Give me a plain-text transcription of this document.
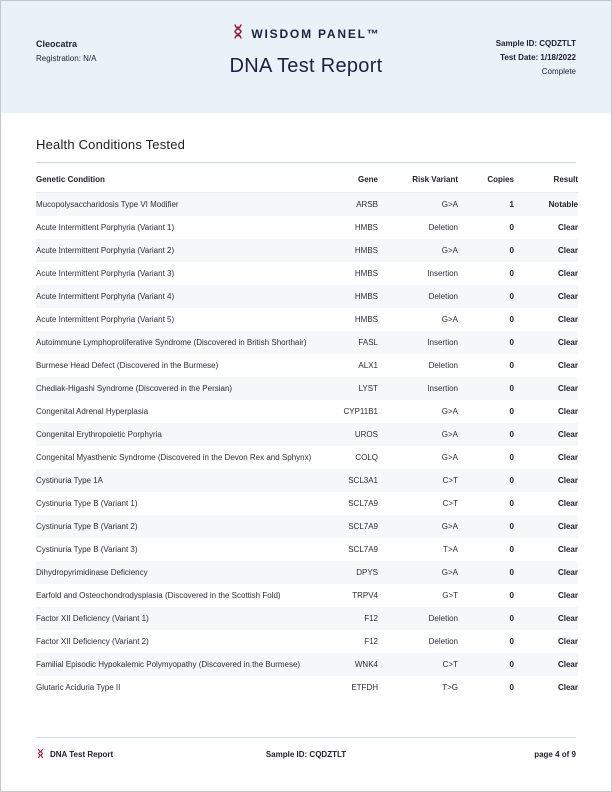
Cleocatra
Registration: N/A
WISDOM PANEL™
DNA Test Report
Sample ID: CQDZTLT
Test Date: 1/18/2022
Complete
Health Conditions Tested
Genetic Condition	Gene	Risk Variant	Copies	Result
Mucopolysaccharidosis Type VI Modifier	ARSB	G>A	1	Notable
Acute Intermittent Porphyria (Variant 1)	HMBS	Deletion	0	Clear
Acute Intermittent Porphyria (Variant 2)	HMBS	G>A	0	Clear
Acute Intermittent Porphyria (Variant 3)	HMBS	Insertion	0	Clear
Acute Intermittent Porphyria (Variant 4)	HMBS	Deletion	0	Clear
Acute Intermittent Porphyria (Variant 5)	HMBS	G>A	0	Clear
Autoimmune Lymphoproliferative Syndrome (Discovered in British Shorthair)	FASL	Insertion	0	Clear
Burmese Head Defect (Discovered in the Burmese)	ALX1	Deletion	0	Clear
Chediak-Higashi Syndrome (Discovered in the Persian)	LYST	Insertion	0	Clear
Congenital Adrenal Hyperplasia	CYP11B1	G>A	0	Clear
Congenital Erythropoietic Porphyria	UROS	G>A	0	Clear
Congenital Myasthenic Syndrome (Discovered in the Devon Rex and Sphynx)	COLQ	G>A	0	Clear
Cystinuria Type 1A	SCL3A1	C>T	0	Clear
Cystinuria Type B (Variant 1)	SCL7A9	C>T	0	Clear
Cystinuria Type B (Variant 2)	SCL7A9	G>A	0	Clear
Cystinuria Type B (Variant 3)	SCL7A9	T>A	0	Clear
Dihydropyrimidinase Deficiency	DPYS	G>A	0	Clear
Earfold and Osteochondrodysplasia (Discovered in the Scottish Fold)	TRPV4	G>T	0	Clear
Factor XII Deficiency (Variant 1)	F12	Deletion	0	Clear
Factor XII Deficiency (Variant 2)	F12	Deletion	0	Clear
Familial Episodic Hypokalemic Polymyopathy (Discovered in the Burmese)	WNK4	C>T	0	Clear
Glutaric Aciduria Type II	ETFDH	T>G	0	Clear
DNA Test Report	Sample ID: CQDZTLT	page 4 of 9
